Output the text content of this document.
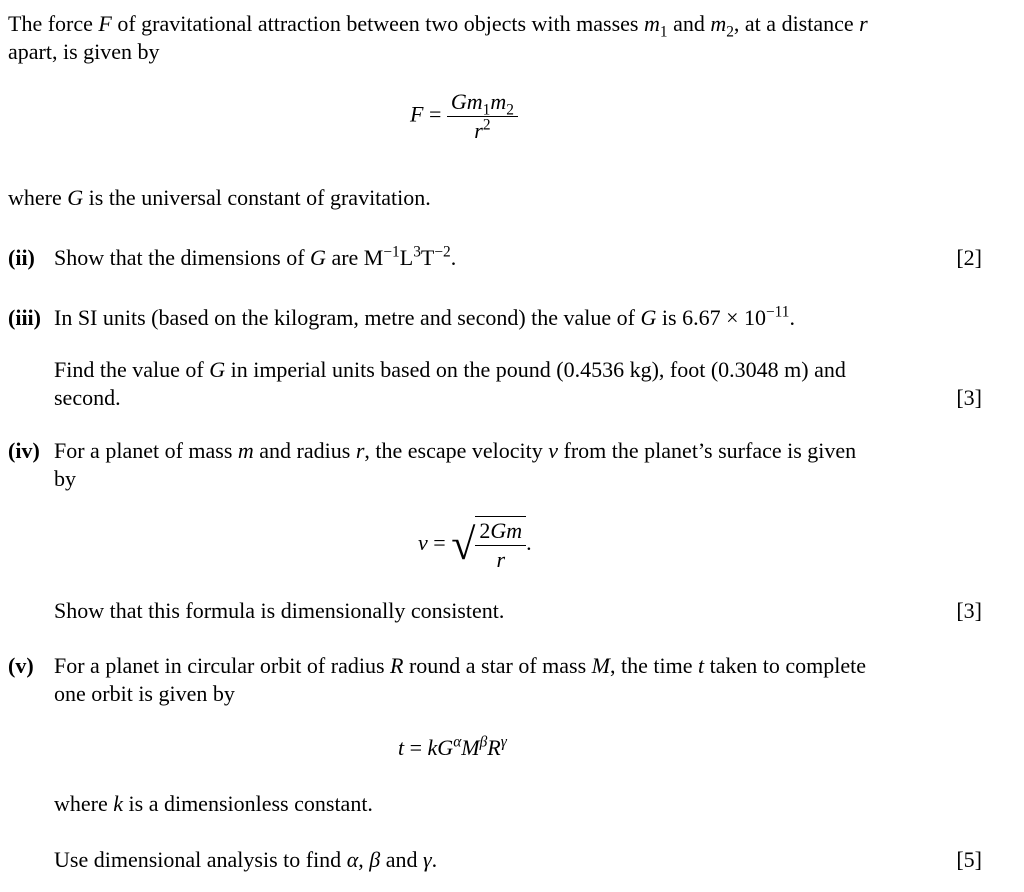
The force F of gravitational attraction between two objects with masses $m_1$ and $m_2$, at a distance r
apart, is given by
$F = \frac{Gm_1m_2}{r^2}$
where G is the universal constant of gravitation.
(ii) Show that the dimensions of G are $M^{-1}L^3T^{-2}$.	[2]
(iii) In SI units (based on the kilogram, metre and second) the value of G is $6.67 \times 10^{-11}$.
Find the value of G in imperial units based on the pound (0.4536 kg), foot (0.3048 m) and
second.	[3]
(iv) For a planet of mass m and radius r, the escape velocity v from the planet’s surface is given
by
v = √ $\frac{2Gm}{r}$ .
Show that this formula is dimensionally consistent.	[3]
(v) For a planet in circular orbit of radius R round a star of mass M, the time t taken to complete
one orbit is given by
$t = kG^\alpha M^\beta R^\gamma$
where k is a dimensionless constant.
Use dimensional analysis to find α, β and γ.	[5]
